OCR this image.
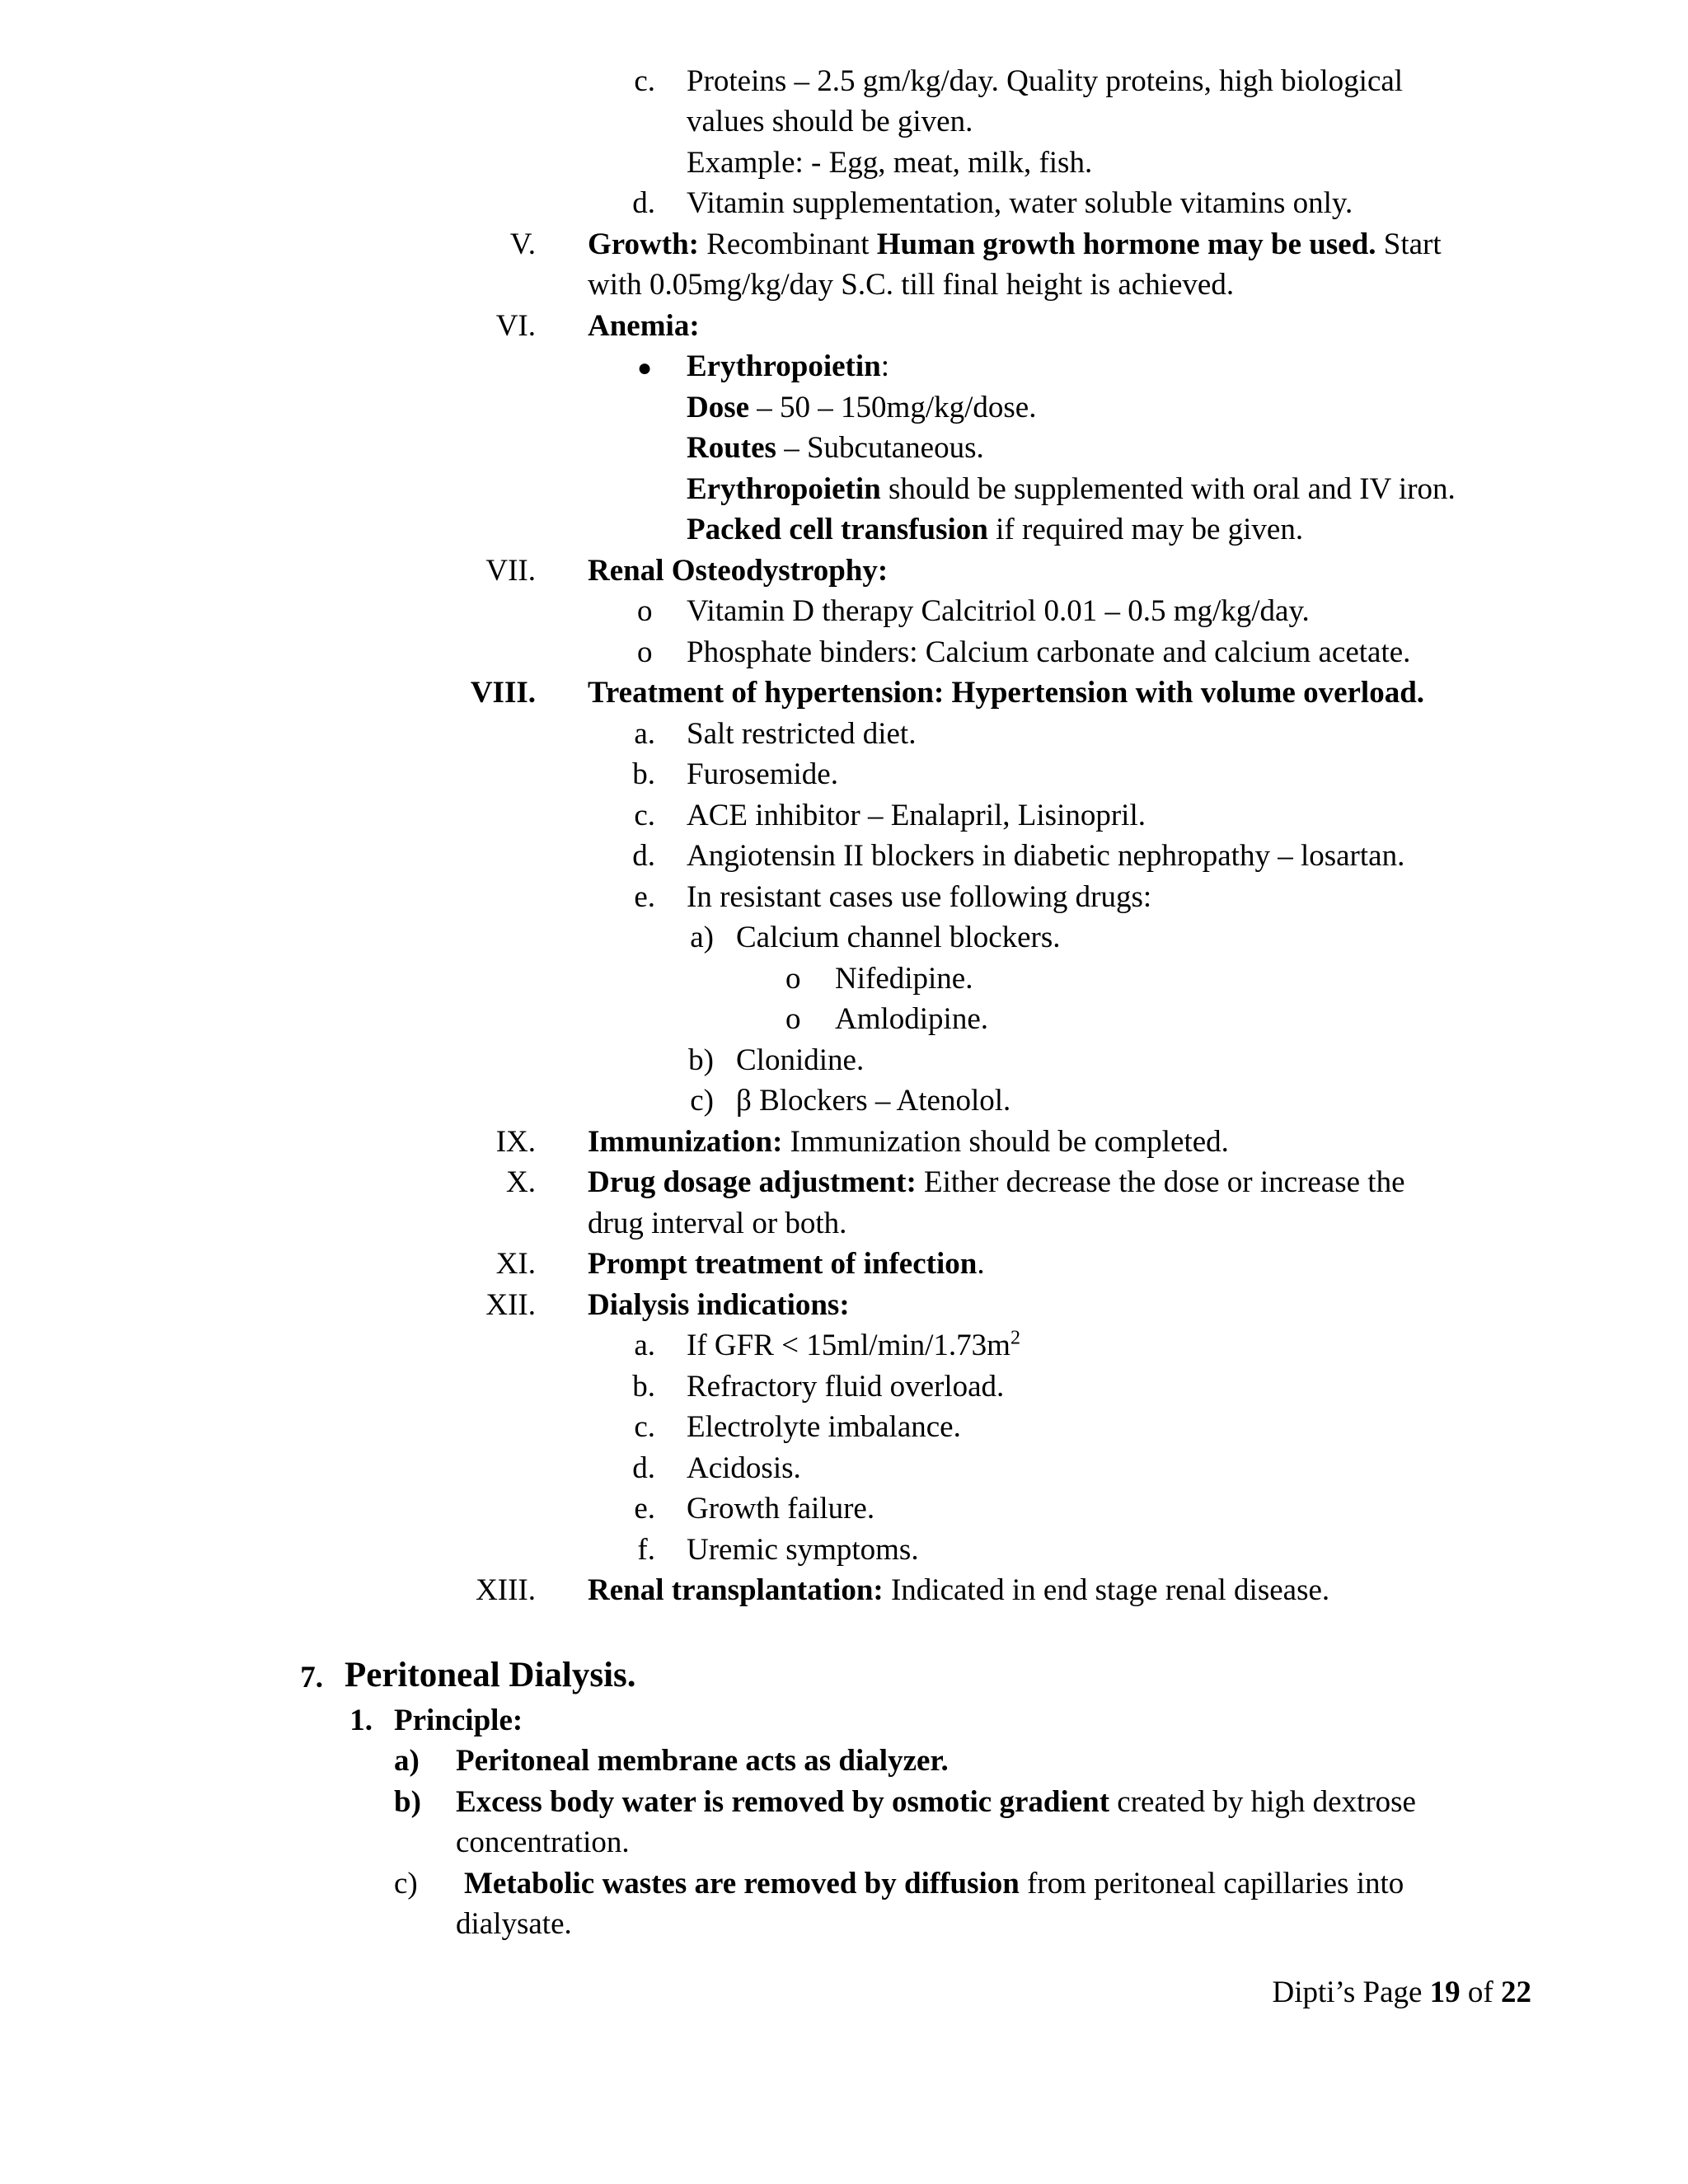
c. Proteins – 2.5 gm/kg/day. Quality proteins, high biological
values should be given.
Example: - Egg, meat, milk, fish.
d. Vitamin supplementation, water soluble vitamins only.
V. Growth: Recombinant Human growth hormone may be used. Start
with 0.05mg/kg/day S.C. till final height is achieved.
VI. Anemia:
● Erythropoietin:
Dose – 50 – 150mg/kg/dose.
Routes – Subcutaneous.
Erythropoietin should be supplemented with oral and IV iron.
Packed cell transfusion if required may be given.
VII. Renal Osteodystrophy:
o Vitamin D therapy Calcitriol 0.01 – 0.5 mg/kg/day.
o Phosphate binders: Calcium carbonate and calcium acetate.
VIII. Treatment of hypertension: Hypertension with volume overload.
a. Salt restricted diet.
b. Furosemide.
c. ACE inhibitor – Enalapril, Lisinopril.
d. Angiotensin II blockers in diabetic nephropathy – losartan.
e. In resistant cases use following drugs:
a) Calcium channel blockers.
o Nifedipine.
o Amlodipine.
b) Clonidine.
c) β Blockers – Atenolol.
IX. Immunization: Immunization should be completed.
X. Drug dosage adjustment: Either decrease the dose or increase the
drug interval or both.
XI. Prompt treatment of infection.
XII. Dialysis indications:
a. If GFR < $15ml/\min/1.73m^2$
b. Refractory fluid overload.
c. Electrolyte imbalance.
d. Acidosis.
e. Growth failure.
f. Uremic symptoms.
XIII. Renal transplantation: Indicated in end stage renal disease.
7. Peritoneal Dialysis.
1. Principle:
a) Peritoneal membrane acts as dialyzer.
b) Excess body water is removed by osmotic gradient created by high dextrose
concentration.
c) Metabolic wastes are removed by diffusion from peritoneal capillaries into
dialysate.
Dipti’s Page 19 of 22
